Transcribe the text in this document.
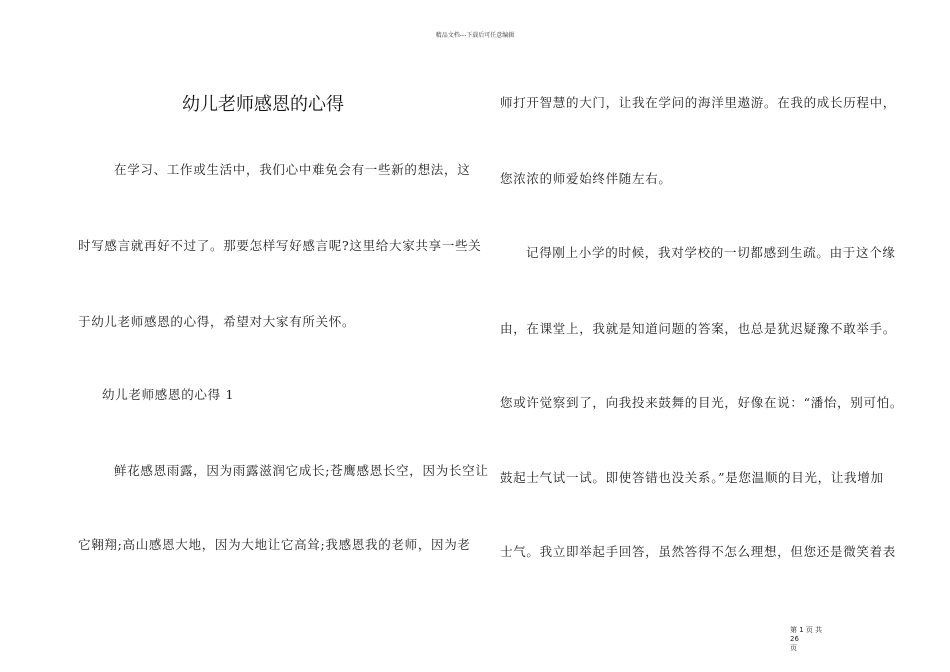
精品文档---下载后可任意编辑
幼儿老师感恩的心得
在学习、工作或生活中，我们心中难免会有一些新的想法，这
时写感言就再好不过了。那要怎样写好感言呢?这里给大家共享一些关
于幼儿老师感恩的心得，希望对大家有所关怀。
幼儿老师感恩的心得 1
鲜花感恩雨露，因为雨露滋润它成长;苍鹰感恩长空，因为长空让
它翱翔;高山感恩大地，因为大地让它高耸;我感恩我的老师，因为老
师打开智慧的大门，让我在学问的海洋里遨游。在我的成长历程中，
您浓浓的师爱始终伴随左右。
记得刚上小学的时候，我对学校的一切都感到生疏。由于这个缘
由，在课堂上，我就是知道问题的答案，也总是犹迟疑豫不敢举手。
您或许觉察到了，向我投来鼓舞的目光，好像在说：“潘怡，别可怕。
鼓起士气试一试。即使答错也没关系。”是您温顺的目光，让我增加
士气。我立即举起手回答，虽然答得不怎么理想，但您还是微笑着表
第 1 页 共 26
页
